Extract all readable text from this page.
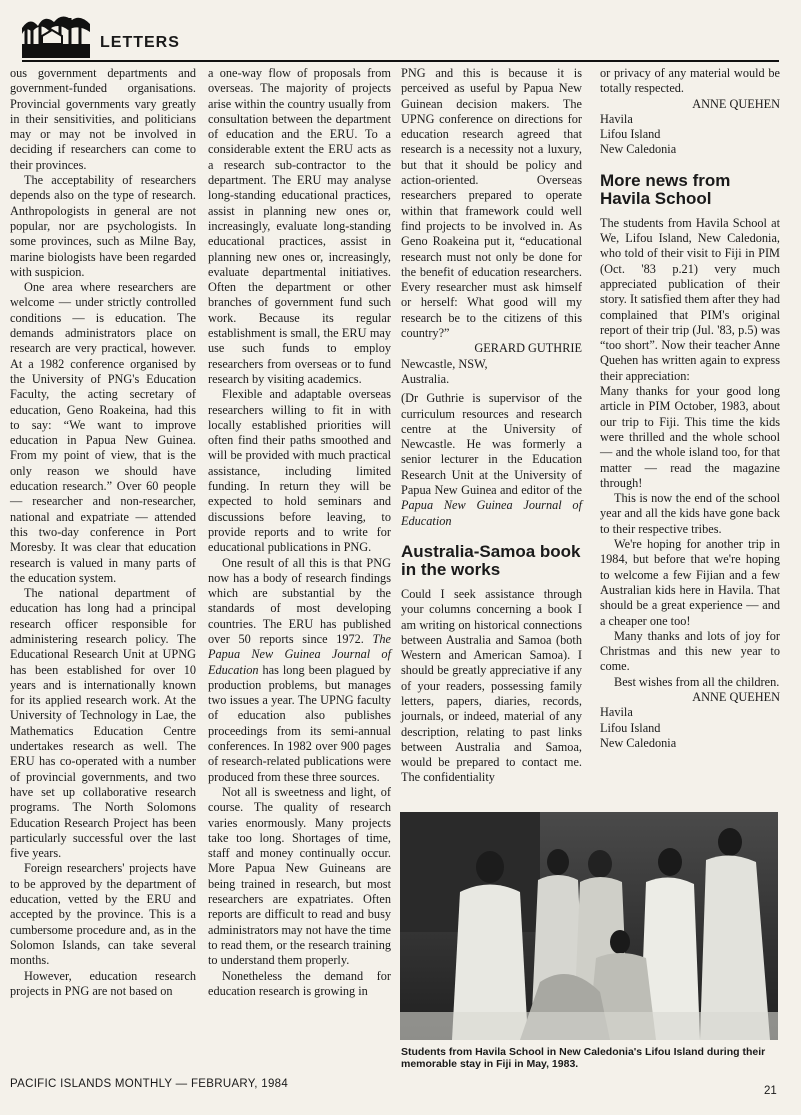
LETTERS

ous government departments and government-funded organisations. Provincial governments vary greatly in their sensitivities, and politicians may or may not be involved in deciding if researchers can come to their provinces.

The acceptability of researchers depends also on the type of research. Anthropologists in general are not popular, nor are psychologists. In some provinces, such as Milne Bay, marine biologists have been regarded with suspicion.

One area where researchers are welcome — under strictly controlled conditions — is education. The demands administrators place on research are very practical, however. At a 1982 conference organised by the University of PNG's Education Faculty, the acting secretary of education, Geno Roakeina, had this to say: “We want to improve education in Papua New Guinea. From my point of view, that is the only reason we should have education research.” Over 60 people — researcher and non-researcher, national and expatriate — attended this two-day conference in Port Moresby. It was clear that education research is valued in many parts of the education system.

The national department of education has long had a principal research officer responsible for administering research policy. The Educational Research Unit at UPNG has been established for over 10 years and is internationally known for its applied research work. At the University of Technology in Lae, the Mathematics Education Centre undertakes research as well. The ERU has co-operated with a number of provincial governments, and two have set up collaborative research programs. The North Solomons Education Research Project has been particularly successful over the last five years.

Foreign researchers' projects have to be approved by the department of education, vetted by the ERU and accepted by the province. This is a cumbersome procedure and, as in the Solomon Islands, can take several months.

However, education research projects in PNG are not based on

a one-way flow of proposals from overseas. The majority of projects arise within the country usually from consultation between the department of education and the ERU. To a considerable extent the ERU acts as a research sub-contractor to the department. The ERU may analyse long-standing educational practices, assist in planning new ones or, increasingly, evaluate long-standing educational practices, assist in planning new ones or, increasingly, evaluate departmental initiatives. Often the department or other branches of government fund such work. Because its regular establishment is small, the ERU may use such funds to employ researchers from overseas or to fund research by visiting academics.

Flexible and adaptable overseas researchers willing to fit in with locally established priorities will often find their paths smoothed and will be provided with much practical assistance, including limited funding. In return they will be expected to hold seminars and discussions before leaving, to provide reports and to write for educational publications in PNG.

One result of all this is that PNG now has a body of research findings which are substantial by the standards of most developing countries. The ERU has published over 50 reports since 1972. The Papua New Guinea Journal of Education has long been plagued by production problems, but manages two issues a year. The UPNG faculty of education also publishes proceedings from its semi-annual conferences. In 1982 over 900 pages of research-related publications were produced from these three sources.

Not all is sweetness and light, of course. The quality of research varies enormously. Many projects take too long. Shortages of time, staff and money continually occur. More Papua New Guineans are being trained in research, but most researchers are expatriates. Often reports are difficult to read and busy administrators may not have the time to read them, or the research training to understand them properly.

Nonetheless the demand for education research is growing in

PNG and this is because it is perceived as useful by Papua New Guinean decision makers. The UPNG conference on directions for education research agreed that research is a necessity not a luxury, but that it should be policy and action-oriented. Overseas researchers prepared to operate within that framework could well find projects to be involved in. As Geno Roakeina put it, “educational research must not only be done for the benefit of education researchers. Every researcher must ask himself or herself: What good will my research be to the citizens of this country?”

GERARD GUTHRIE

Newcastle, NSW,

Australia.

(Dr Guthrie is supervisor of the curriculum resources and research centre at the University of Newcastle. He was formerly a senior lecturer in the Education Research Unit at the University of Papua New Guinea and editor of the Papua New Guinea Journal of Education

Australia-Samoa book in the works

Could I seek assistance through your columns concerning a book I am writing on historical connections between Australia and Samoa (both Western and American Samoa). I should be greatly appreciative if any of your readers, possessing family letters, papers, diaries, records, journals, or indeed, material of any description, relating to past links between Australia and Samoa, would be prepared to contact me. The confidentiality

or privacy of any material would be totally respected.

ANNE QUEHEN

Havila

Lifou Island

New Caledonia

More news from Havila School

The students from Havila School at We, Lifou Island, New Caledonia, who told of their visit to Fiji in PIM (Oct. '83 p.21) very much appreciated publication of their story. It satisfied them after they had complained that PIM's original report of their trip (Jul. '83, p.5) was “too short”. Now their teacher Anne Quehen has written again to express their appreciation:

Many thanks for your good long article in PIM October, 1983, about our trip to Fiji. This time the kids were thrilled and the whole school — and the whole island too, for that matter — read the magazine through!

This is now the end of the school year and all the kids have gone back to their respective tribes.

We're hoping for another trip in 1984, but before that we're hoping to welcome a few Fijian and a few Australian kids here in Havila. That should be a great experience — and a cheaper one too!

Many thanks and lots of joy for Christmas and this new year to come.

Best wishes from all the children.

ANNE QUEHEN

Havila

Lifou Island

New Caledonia

Students from Havila School in New Caledonia's Lifou Island during their memorable stay in Fiji in May, 1983.
PACIFIC ISLANDS MONTHLY — FEBRUARY, 1984
21
